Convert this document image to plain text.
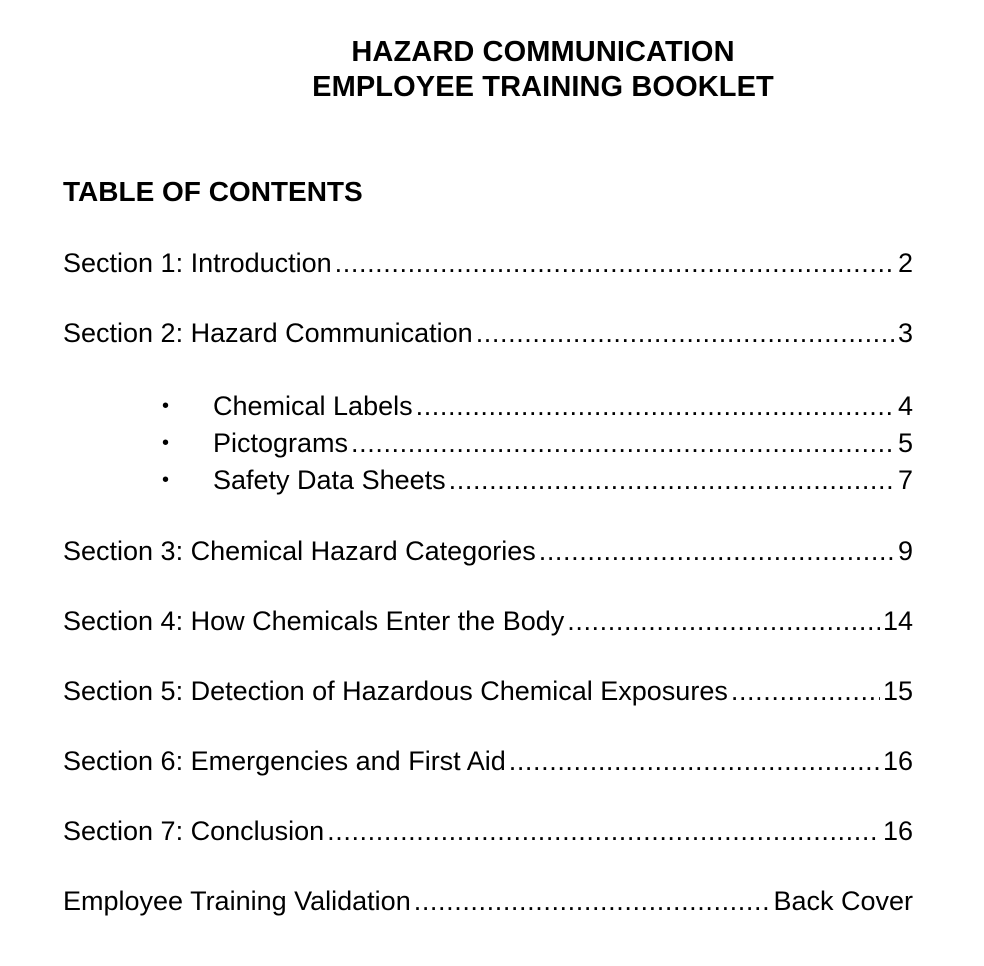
HAZARD COMMUNICATION
EMPLOYEE TRAINING BOOKLET
TABLE OF CONTENTS
Section 1: Introduction .....	2
Section 2: Hazard Communication .....	3
• Chemical Labels .....	4
• Pictograms .....	5
• Safety Data Sheets .....	7
Section 3: Chemical Hazard Categories .....	9
Section 4: How Chemicals Enter the Body .....	14
Section 5: Detection of Hazardous Chemical Exposures .....	15
Section 6: Emergencies and First Aid .....	16
Section 7: Conclusion .....	16
Employee Training Validation .....	Back Cover
